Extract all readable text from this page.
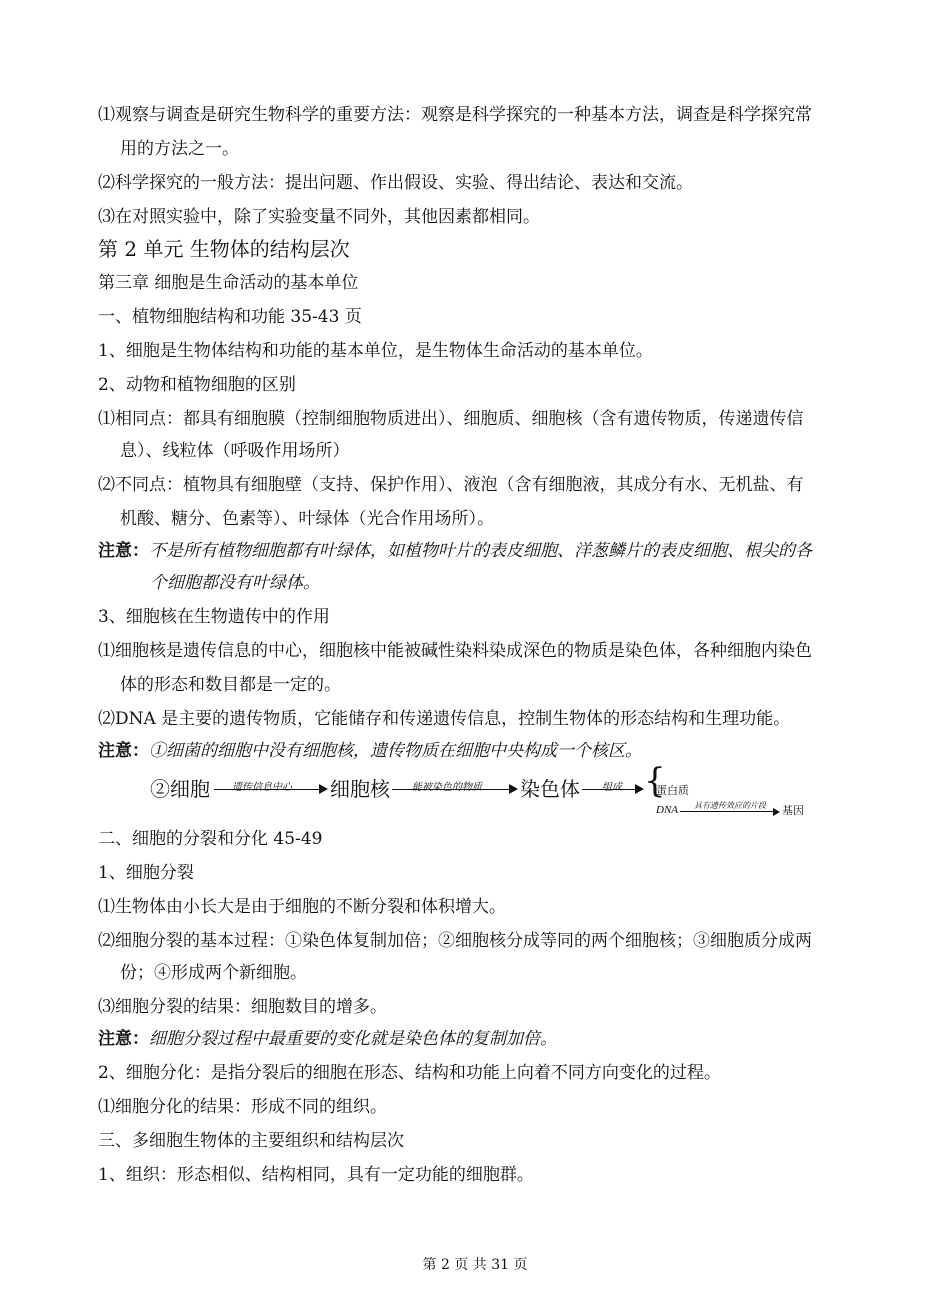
⑴观察与调查是研究生物科学的重要方法：观察是科学探究的一种基本方法，调查是科学探究常
用的方法之一。
⑵科学探究的一般方法：提出问题、作出假设、实验、得出结论、表达和交流。
⑶在对照实验中，除了实验变量不同外，其他因素都相同。
第 2 单元 生物体的结构层次
第三章 细胞是生命活动的基本单位
一、植物细胞结构和功能 35-43 页
1、细胞是生物体结构和功能的基本单位，是生物体生命活动的基本单位。
2、动物和植物细胞的区别
⑴相同点：都具有细胞膜（控制细胞物质进出）、细胞质、细胞核（含有遗传物质，传递遗传信
息）、线粒体（呼吸作用场所）
⑵不同点：植物具有细胞壁（支持、保护作用）、液泡（含有细胞液，其成分有水、无机盐、有
机酸、糖分、色素等）、叶绿体（光合作用场所）。
注意：不是所有植物细胞都有叶绿体，如植物叶片的表皮细胞、洋葱鳞片的表皮细胞、根尖的各
个细胞都没有叶绿体。
3、细胞核在生物遗传中的作用
⑴细胞核是遗传信息的中心，细胞核中能被碱性染料染成深色的物质是染色体，各种细胞内染色
体的形态和数目都是一定的。
⑵DNA 是主要的遗传物质，它能储存和传递遗传信息，控制生物体的形态结构和生理功能。
注意：①细菌的细胞中没有细胞核，遗传物质在细胞中央构成一个核区。
②细胞 遗传信息中心 细胞核 能被染色的物质 染色体 组成 {
蛋白质
DNA 具有遗传效应的片段 基因
二、细胞的分裂和分化 45-49
1、细胞分裂
⑴生物体由小长大是由于细胞的不断分裂和体积增大。
⑵细胞分裂的基本过程：①染色体复制加倍；②细胞核分成等同的两个细胞核；③细胞质分成两
份；④形成两个新细胞。
⑶细胞分裂的结果：细胞数目的增多。
注意：细胞分裂过程中最重要的变化就是染色体的复制加倍。
2、细胞分化：是指分裂后的细胞在形态、结构和功能上向着不同方向变化的过程。
⑴细胞分化的结果：形成不同的组织。
三、多细胞生物体的主要组织和结构层次
1、组织：形态相似、结构相同，具有一定功能的细胞群。
第 2 页 共 31 页
